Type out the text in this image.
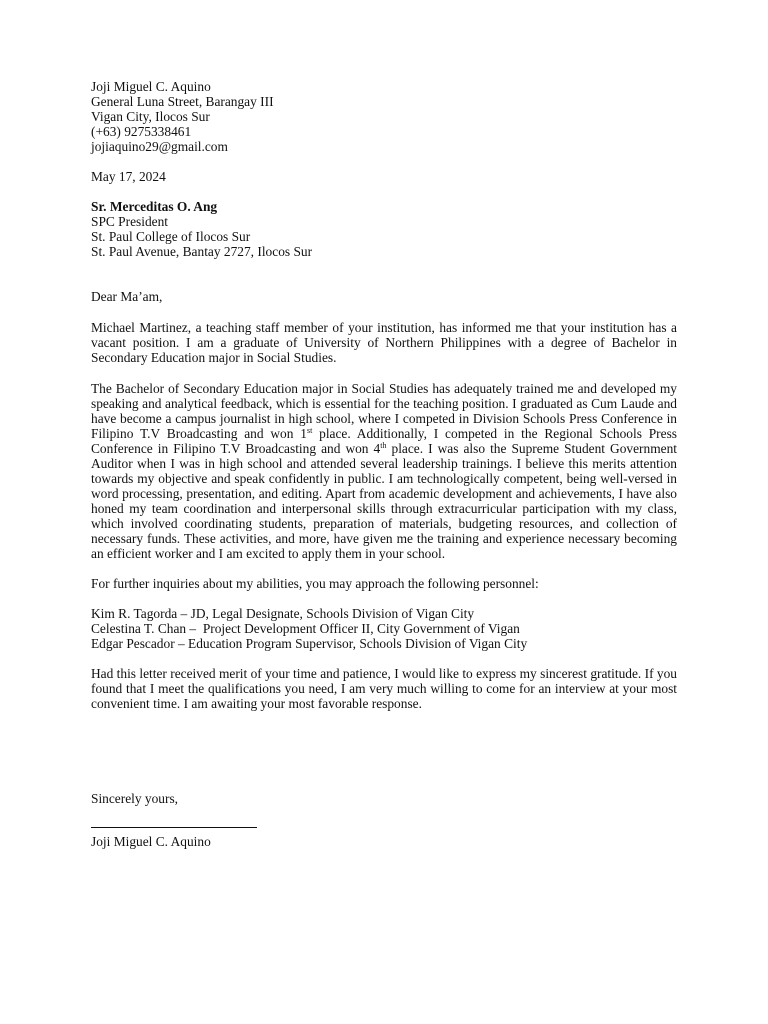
Joji Miguel C. Aquino
General Luna Street, Barangay III
Vigan City, Ilocos Sur
(+63) 9275338461
jojiaquino29@gmail.com
May 17, 2024
Sr. Merceditas O. Ang
SPC President
St. Paul College of Ilocos Sur
St. Paul Avenue, Bantay 2727, Ilocos Sur
Dear Ma’am,

Michael Martinez, a teaching staff member of your institution, has informed me that your institution has a vacant position. I am a graduate of University of Northern Philippines with a degree of Bachelor in Secondary Education major in Social Studies.

The Bachelor of Secondary Education major in Social Studies has adequately trained me and developed my speaking and analytical feedback, which is essential for the teaching position. I graduated as Cum Laude and have become a campus journalist in high school, where I competed in Division Schools Press Conference in Filipino T.V Broadcasting and won 1st place. Additionally, I competed in the Regional Schools Press Conference in Filipino T.V Broadcasting and won 4th place. I was also the Supreme Student Government Auditor when I was in high school and attended several leadership trainings. I believe this merits attention towards my objective and speak confidently in public. I am technologically competent, being well-versed in word processing, presentation, and editing. Apart from academic development and achievements, I have also honed my team coordination and interpersonal skills through extracurricular participation with my class, which involved coordinating students, preparation of materials, budgeting resources, and collection of necessary funds. These activities, and more, have given me the training and experience necessary becoming an efficient worker and I am excited to apply them in your school.

For further inquiries about my abilities, you may approach the following personnel:
Kim R. Tagorda – JD, Legal Designate, Schools Division of Vigan City
Celestina T. Chan –  Project Development Officer II, City Government of Vigan
Edgar Pescador – Education Program Supervisor, Schools Division of Vigan City

Had this letter received merit of your time and patience, I would like to express my sincerest gratitude. If you found that I meet the qualifications you need, I am very much willing to come for an interview at your most convenient time. I am awaiting your most favorable response.

Sincerely yours,
Joji Miguel C. Aquino
